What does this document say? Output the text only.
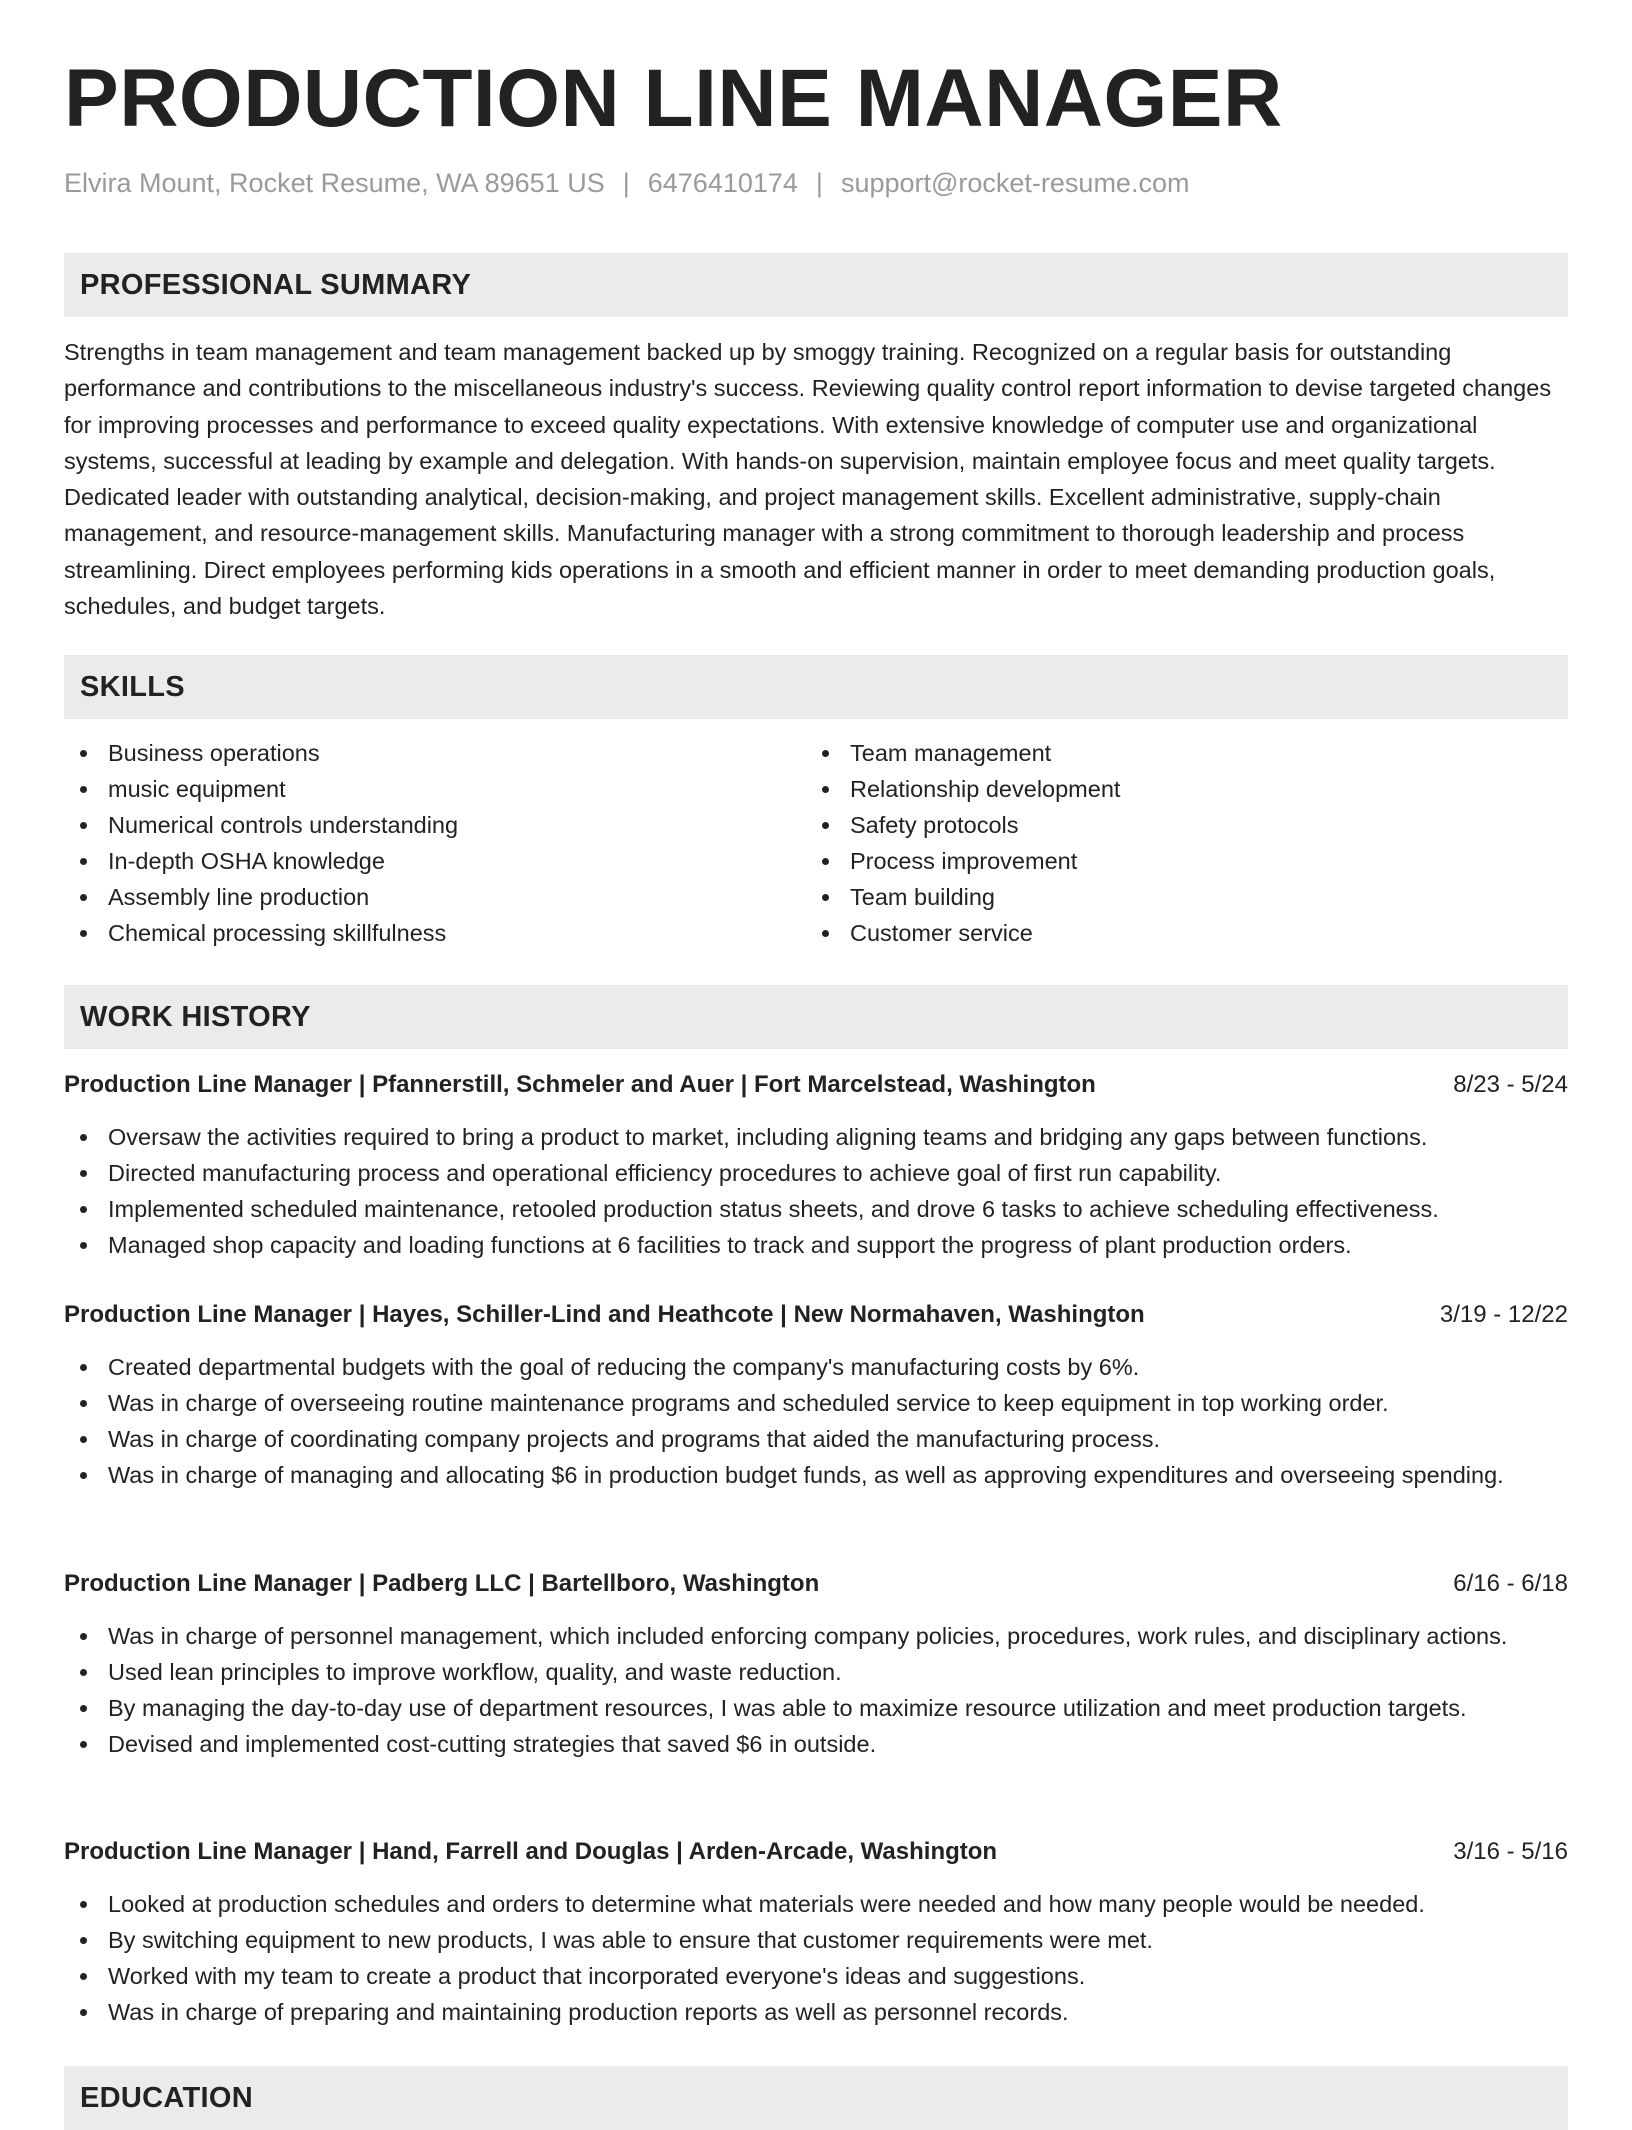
PRODUCTION LINE MANAGER
Elvira Mount, Rocket Resume, WA 89651 US | 6476410174 | support@rocket-resume.com
PROFESSIONAL SUMMARY

Strengths in team management and team management backed up by smoggy training. Recognized on a regular basis for outstanding performance and contributions to the miscellaneous industry's success. Reviewing quality control report information to devise targeted changes for improving processes and performance to exceed quality expectations. With extensive knowledge of computer use and organizational systems, successful at leading by example and delegation. With hands-on supervision, maintain employee focus and meet quality targets. Dedicated leader with outstanding analytical, decision-making, and project management skills. Excellent administrative, supply-chain management, and resource-management skills. Manufacturing manager with a strong commitment to thorough leadership and process streamlining. Direct employees performing kids operations in a smooth and efficient manner in order to meet demanding production goals, schedules, and budget targets.

SKILLS
Business operations
music equipment
Numerical controls understanding
In-depth OSHA knowledge
Assembly line production
Chemical processing skillfulness
Team management
Relationship development
Safety protocols
Process improvement
Team building
Customer service
WORK HISTORY
Production Line Manager | Pfannerstill, Schmeler and Auer | Fort Marcelstead, Washington	8/23 - 5/24
Oversaw the activities required to bring a product to market, including aligning teams and bridging any gaps between functions.
Directed manufacturing process and operational efficiency procedures to achieve goal of first run capability.
Implemented scheduled maintenance, retooled production status sheets, and drove 6 tasks to achieve scheduling effectiveness.
Managed shop capacity and loading functions at 6 facilities to track and support the progress of plant production orders.
Production Line Manager | Hayes, Schiller-Lind and Heathcote | New Normahaven, Washington	3/19 - 12/22
Created departmental budgets with the goal of reducing the company's manufacturing costs by 6%.
Was in charge of overseeing routine maintenance programs and scheduled service to keep equipment in top working order.
Was in charge of coordinating company projects and programs that aided the manufacturing process.
Was in charge of managing and allocating $6 in production budget funds, as well as approving expenditures and overseeing spending.
Production Line Manager | Padberg LLC | Bartellboro, Washington	6/16 - 6/18
Was in charge of personnel management, which included enforcing company policies, procedures, work rules, and disciplinary actions.
Used lean principles to improve workflow, quality, and waste reduction.
By managing the day-to-day use of department resources, I was able to maximize resource utilization and meet production targets.
Devised and implemented cost-cutting strategies that saved $6 in outside.
Production Line Manager | Hand, Farrell and Douglas | Arden-Arcade, Washington	3/16 - 5/16
Looked at production schedules and orders to determine what materials were needed and how many people would be needed.
By switching equipment to new products, I was able to ensure that customer requirements were met.
Worked with my team to create a product that incorporated everyone's ideas and suggestions.
Was in charge of preparing and maintaining production reports as well as personnel records.
EDUCATION
